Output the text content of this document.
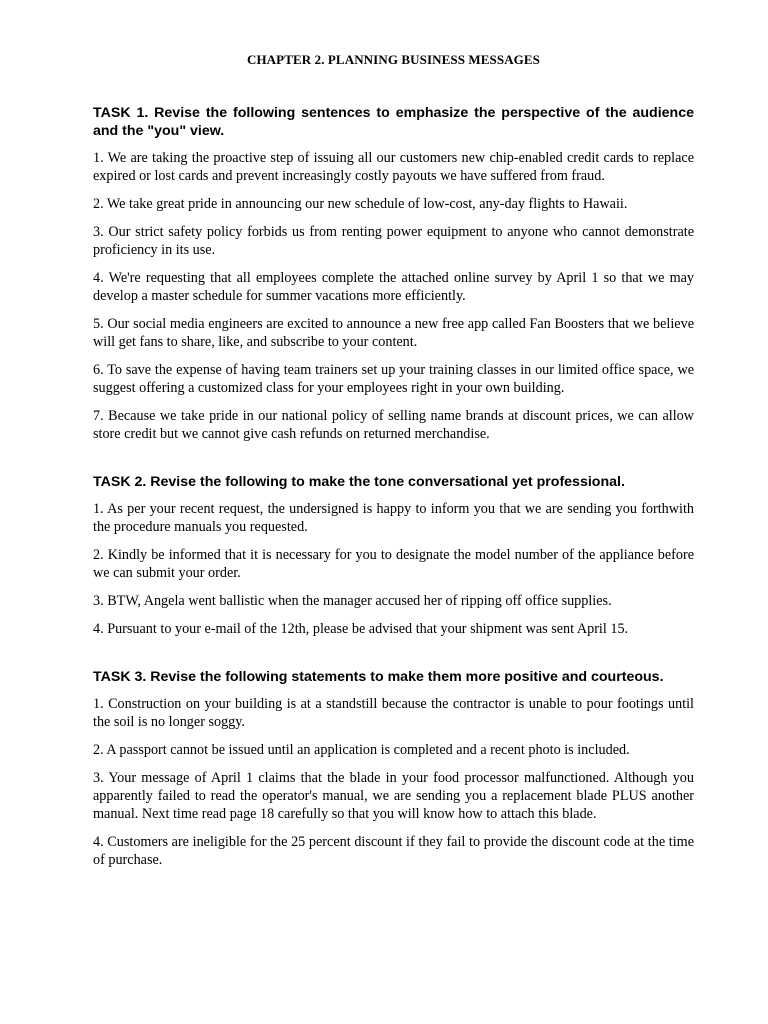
CHAPTER 2. PLANNING BUSINESS MESSAGES
TASK 1. Revise the following sentences to emphasize the perspective of the audience and the "you" view.

1. We are taking the proactive step of issuing all our customers new chip-enabled credit cards to replace expired or lost cards and prevent increasingly costly payouts we have suffered from fraud.

2. We take great pride in announcing our new schedule of low-cost, any-day flights to Hawaii.

3. Our strict safety policy forbids us from renting power equipment to anyone who cannot demonstrate proficiency in its use.

4. We're requesting that all employees complete the attached online survey by April 1 so that we may develop a master schedule for summer vacations more efficiently.

5. Our social media engineers are excited to announce a new free app called Fan Boosters that we believe will get fans to share, like, and subscribe to your content.

6. To save the expense of having team trainers set up your training classes in our limited office space, we suggest offering a customized class for your employees right in your own building.

7. Because we take pride in our national policy of selling name brands at discount prices, we can allow store credit but we cannot give cash refunds on returned merchandise.

TASK 2. Revise the following to make the tone conversational yet professional.

1. As per your recent request, the undersigned is happy to inform you that we are sending you forthwith the procedure manuals you requested.

2. Kindly be informed that it is necessary for you to designate the model number of the appliance before we can submit your order.

3. BTW, Angela went ballistic when the manager accused her of ripping off office supplies.

4. Pursuant to your e-mail of the 12th, please be advised that your shipment was sent April 15.

TASK 3. Revise the following statements to make them more positive and courteous.

1. Construction on your building is at a standstill because the contractor is unable to pour footings until the soil is no longer soggy.

2. A passport cannot be issued until an application is completed and a recent photo is included.

3. Your message of April 1 claims that the blade in your food processor malfunctioned. Although you apparently failed to read the operator's manual, we are sending you a replacement blade PLUS another manual. Next time read page 18 carefully so that you will know how to attach this blade.

4. Customers are ineligible for the 25 percent discount if they fail to provide the discount code at the time of purchase.
